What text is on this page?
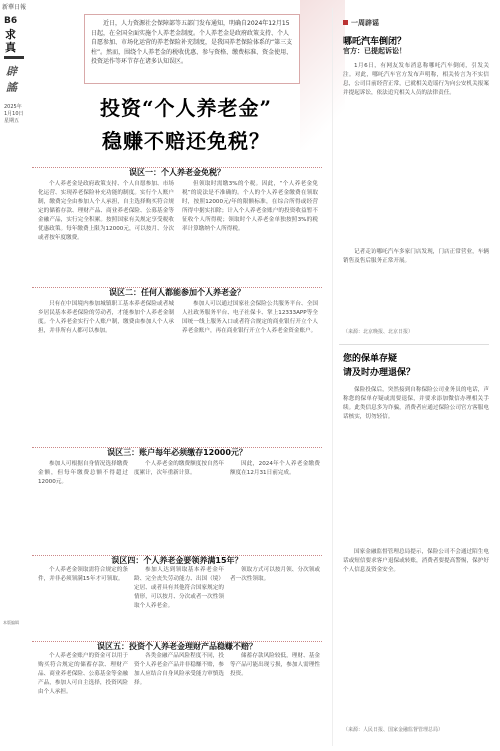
新華日報
B6
求真
辟謠
2025年
1月10日
星期五
本版编辑

近日，人力资源社会保障部等五部门发布通知，明确自2024年12月15日起，在全国全面实施个人养老金制度。个人养老金是政府政策支持、个人自愿参加、市场化运营的养老保险补充制度，是我国养老保险体系的“第三支柱”。然而，围绕个人养老金的税收优惠、参与资格、缴费标准、资金使用、投资运作等环节存在诸多认知误区。

投资“个人养老金”
稳赚不赔还免税？
误区一：个人养老金免税？
个人养老金是政府政策支持、个人自愿参加、市场化运营、实现养老保险补充功能的制度。实行个人账户制，缴费完全由参加人个人承担，自主选择购买符合规定的储蓄存款、理财产品、商业养老保险、公募基金等金融产品，实行完全积累。按照国家有关规定享受税收优惠政策。每年缴费上限为12000元，可以按月、分次或者按年度缴费。
但领取时需缴3%的个税。因此，“个人养老金免税”的说法是不准确的。个人的个人养老金缴费在领取时，按照12000元/年的限额标准，在综合所得或经营所得中据实扣除；计入个人养老金账户的投资收益暂不征收个人所得税；领取时个人养老金单独按照3%的税率计算缴纳个人所得税。
误区二：任何人都能参加个人养老金？
只有在中国境内参加城镇职工基本养老保险或者城乡居民基本养老保险的劳动者，才能参加个人养老金制度。个人养老金实行个人账户制，缴费由参加人个人承担，并非所有人都可以参加。
参加人可以通过国家社会保险公共服务平台、全国人社政务服务平台、电子社保卡、掌上12333APP等全国统一线上服务入口或者符合规定的商业银行开立个人养老金账户，再在商业银行开立个人养老金资金账户。
误区三：账户每年必须缴存12000元？
参加人可根据自身情况选择缴费金额，但每年缴费总额不得超过12000元。
个人养老金的缴费额度按自然年度累计，次年重新计算。
因此，2024年个人养老金缴费额度在12月31日前完成。
误区四：个人养老金要领养满15年？
个人养老金领取需符合规定的条件，并非必须领满15年才可领取。
参加人达到领取基本养老金年龄、完全丧失劳动能力、出国（境）定居、或者具有其他符合国家规定的情形，可以按月、分次或者一次性领取个人养老金。
领取方式可以按月领、分次领或者一次性领取。
误区五：投资个人养老金理财产品稳赚不赔？
个人养老金账户的资金可以用于购买符合规定的储蓄存款、理财产品、商业养老保险、公募基金等金融产品，参加人可自主选择，投资风险由个人承担。
各类金融产品风险程度不同，投资个人养老金产品并非稳赚不赔，参加人应结合自身风险承受能力审慎选择。
储蓄存款风险较低，理财、基金等产品可能出现亏损，参加人需理性投资。
一周辟谣
哪吒汽车倒闭？
官方：已提起诉讼！
1月6日，有网友发布消息称哪吒汽车倒闭，引发关注。对此，哪吒汽车官方发布声明称，相关传言为不实信息，公司目前经营正常，已就相关造谣行为向公安机关报案并提起诉讼，依法追究相关人员的法律责任。
记者走访哪吒汽车多家门店发现，门店正常营业，车辆销售及售后服务正常开展。
（来源：北京晚报、北京日报）
您的保单存疑
请及时办理退保？
保险投保后，突然接到自称保险公司业务员的电话，声称您的保单存疑或需要退保，并要求添加微信办理相关手续。此类信息多为诈骗，消费者应通过保险公司官方客服电话核实，切勿轻信。
国家金融监督管理总局提示，保险公司不会通过陌生电话或短信要求客户退保或转账，消费者要提高警惕，保护好个人信息及资金安全。
（来源：人民日报、国家金融监督管理总局）
